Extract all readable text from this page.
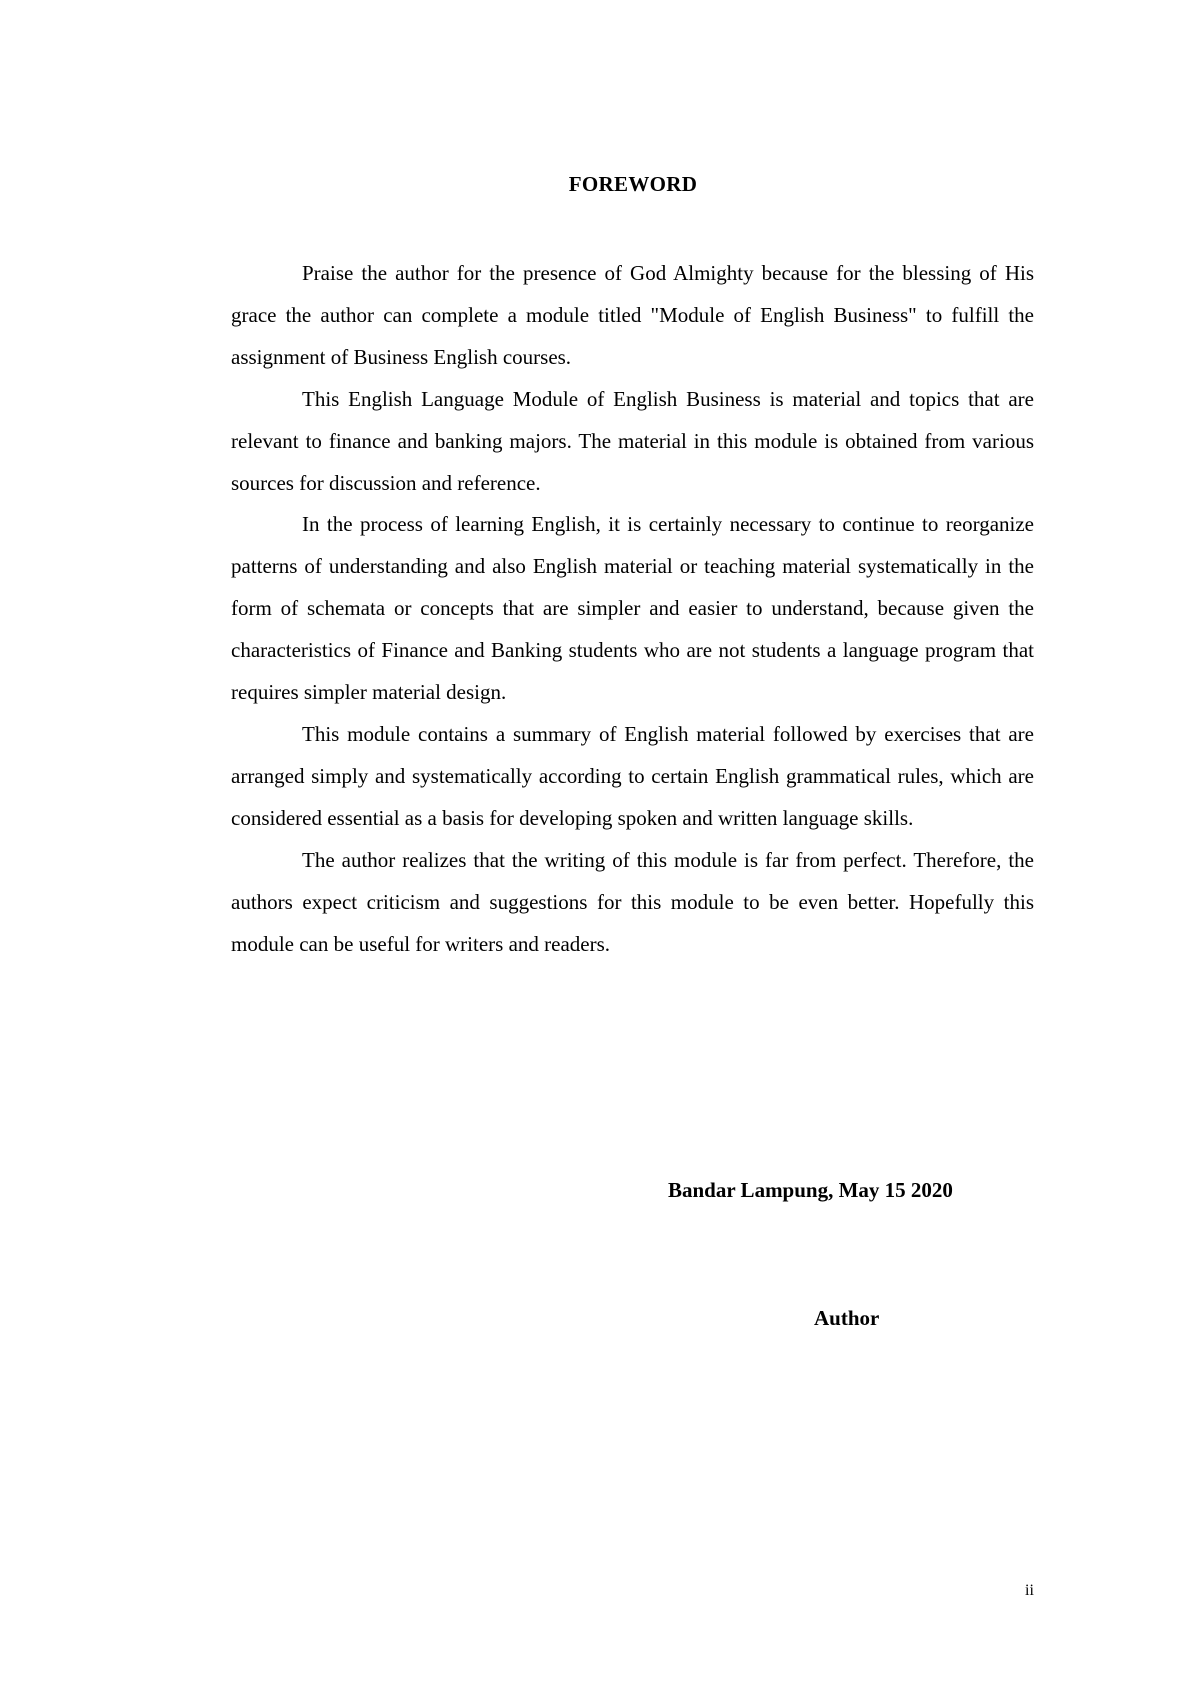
FOREWORD

Praise the author for the presence of God Almighty because for the blessing of His grace the author can complete a module titled "Module of English Business" to fulfill the assignment of Business English courses.

This English Language Module of English Business is material and topics that are relevant to finance and banking majors. The material in this module is obtained from various sources for discussion and reference.

In the process of learning English, it is certainly necessary to continue to reorganize patterns of understanding and also English material or teaching material systematically in the form of schemata or concepts that are simpler and easier to understand, because given the characteristics of Finance and Banking students who are not students a language program that requires simpler material design.

This module contains a summary of English material followed by exercises that are arranged simply and systematically according to certain English grammatical rules, which are considered essential as a basis for developing spoken and written language skills.

The author realizes that the writing of this module is far from perfect. Therefore, the authors expect criticism and suggestions for this module to be even better. Hopefully this module can be useful for writers and readers.

Bandar Lampung, May 15 2020

Author

ii
